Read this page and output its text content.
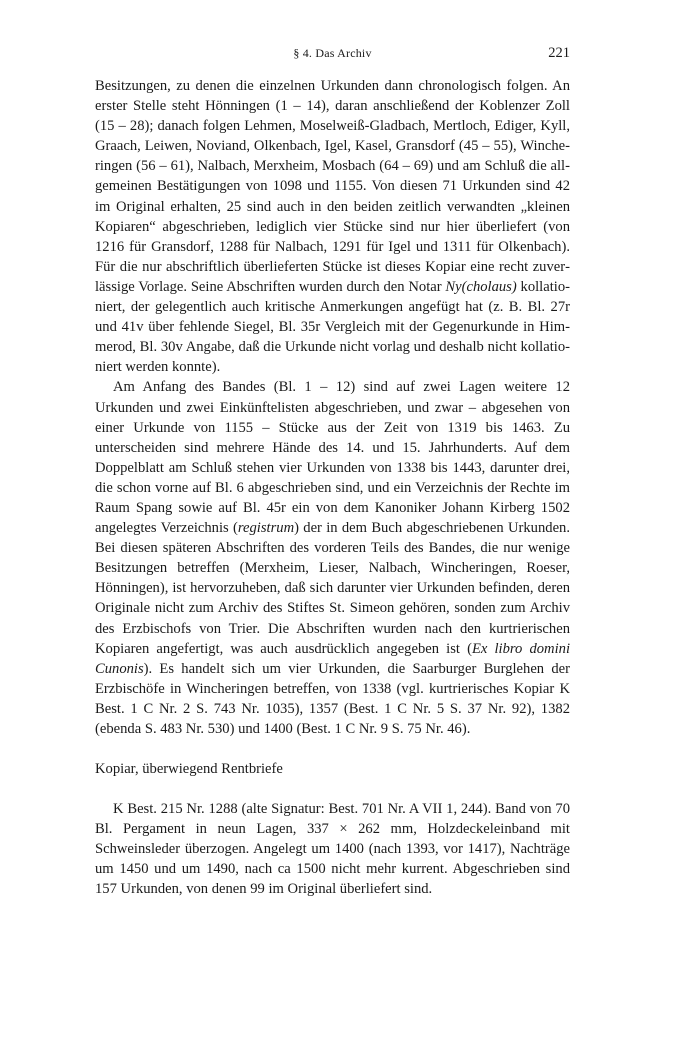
§ 4. Das Archiv	221

Besitzungen, zu denen die einzelnen Urkunden dann chronologisch folgen. An erster Stelle steht Hönningen (1 – 14), daran anschließend der Koblenzer Zoll (15 – 28); danach folgen Lehmen, Moselweiß-Gladbach, Mertloch, Ediger, Kyll, Graach, Leiwen, Noviand, Olkenbach, Igel, Kasel, Gransdorf (45 – 55), Wincheringen (56 – 61), Nalbach, Merxheim, Mosbach (64 – 69) und am Schluß die allgemeinen Bestätigungen von 1098 und 1155. Von diesen 71 Urkunden sind 42 im Original erhalten, 25 sind auch in den beiden zeitlich verwandten „kleinen Kopiaren“ abgeschrieben, lediglich vier Stücke sind nur hier überliefert (von 1216 für Gransdorf, 1288 für Nalbach, 1291 für Igel und 1311 für Olkenbach). Für die nur abschriftlich überlieferten Stücke ist dieses Kopiar eine recht zuverlässige Vorlage. Seine Abschriften wurden durch den Notar Ny(cholaus) kollationiert, der gelegentlich auch kritische Anmerkungen angefügt hat (z. B. Bl. 27r und 41v über fehlende Siegel, Bl. 35r Vergleich mit der Gegenurkunde in Himmerod, Bl. 30v Angabe, daß die Urkunde nicht vorlag und deshalb nicht kollationiert werden konnte).

Am Anfang des Bandes (Bl. 1 – 12) sind auf zwei Lagen weitere 12 Urkunden und zwei Einkünftelisten abgeschrieben, und zwar – abgesehen von einer Urkunde von 1155 – Stücke aus der Zeit von 1319 bis 1463. Zu unterscheiden sind mehrere Hände des 14. und 15. Jahrhunderts. Auf dem Doppelblatt am Schluß stehen vier Urkunden von 1338 bis 1443, darunter drei, die schon vorne auf Bl. 6 abgeschrieben sind, und ein Verzeichnis der Rechte im Raum Spang sowie auf Bl. 45r ein von dem Kanoniker Johann Kirberg 1502 angelegtes Verzeichnis (registrum) der in dem Buch abgeschriebenen Urkunden. Bei diesen späteren Abschriften des vorderen Teils des Bandes, die nur wenige Besitzungen betreffen (Merxheim, Lieser, Nalbach, Wincheringen, Roeser, Hönningen), ist hervorzuheben, daß sich darunter vier Urkunden befinden, deren Originale nicht zum Archiv des Stiftes St. Simeon gehören, sonden zum Archiv des Erzbischofs von Trier. Die Abschriften wurden nach den kurtrierischen Kopiaren angefertigt, was auch ausdrücklich angegeben ist (Ex libro domini Cunonis). Es handelt sich um vier Urkunden, die Saarburger Burglehen der Erzbischöfe in Wincheringen betreffen, von 1338 (vgl. kurtrierisches Kopiar K Best. 1 C Nr. 2 S. 743 Nr. 1035), 1357 (Best. 1 C Nr. 5 S. 37 Nr. 92), 1382 (ebenda S. 483 Nr. 530) und 1400 (Best. 1 C Nr. 9 S. 75 Nr. 46).

Kopiar, überwiegend Rentbriefe

K Best. 215 Nr. 1288 (alte Signatur: Best. 701 Nr. A VII 1, 244). Band von 70 Bl. Pergament in neun Lagen, 337 × 262 mm, Holzdeckeleinband mit Schweinsleder überzogen. Angelegt um 1400 (nach 1393, vor 1417), Nachträge um 1450 und um 1490, nach ca 1500 nicht mehr kurrent. Abgeschrieben sind 157 Urkunden, von denen 99 im Original überliefert sind.
